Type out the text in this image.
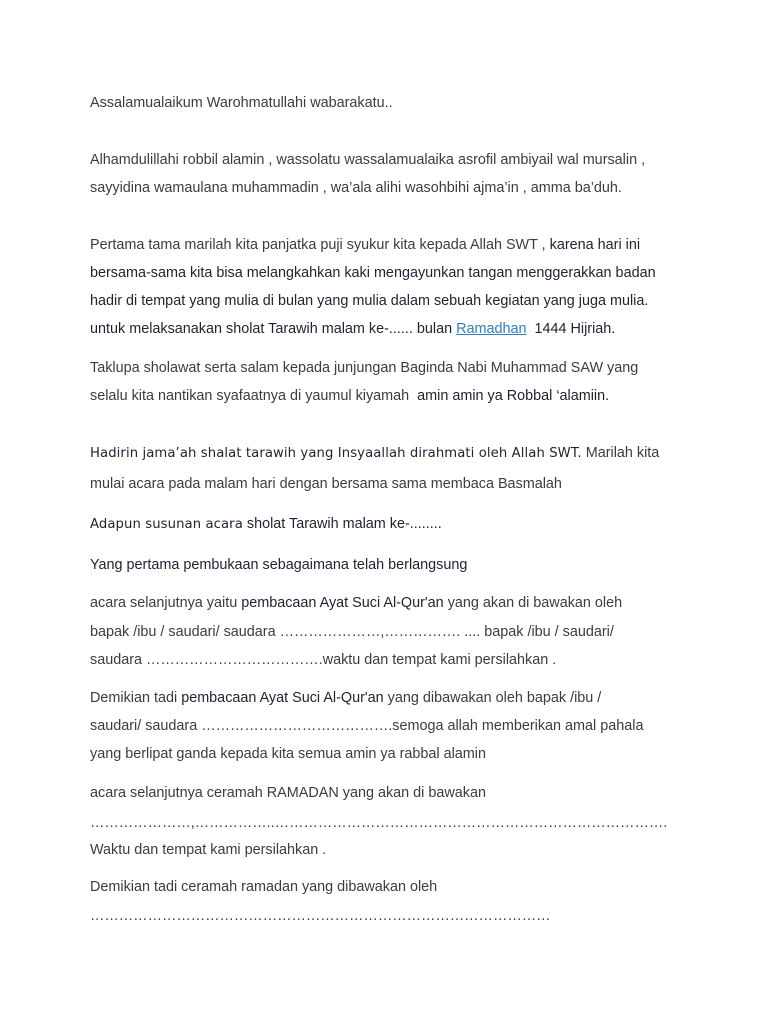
Assalamualaikum Warohmatullahi wabarakatu..
Alhamdulillahi robbil alamin , wassolatu wassalamualaika asrofil ambiyail wal mursalin ,
sayyidina wamaulana muhammadin , wa’ala alihi wasohbihi ajma’in , amma ba’duh.
Pertama tama marilah kita panjatka puji syukur kita kepada Allah SWT , karena hari ini
bersama-sama kita bisa melangkahkan kaki mengayunkan tangan menggerakkan badan
hadir di tempat yang mulia di bulan yang mulia dalam sebuah kegiatan yang juga mulia.
untuk melaksanakan sholat Tarawih malam ke-...... bulan Ramadhan 1444 Hijriah.
Taklupa sholawat serta salam kepada junjungan Baginda Nabi Muhammad SAW yang
selalu kita nantikan syafaatnya di yaumul kiyamah amin amin ya Robbal ‘alamiin.
Hadirin jama’ah shalat tarawih yang Insyaallah dirahmati oleh Allah SWT. Marilah kita
mulai acara pada malam hari dengan bersama sama membaca Basmalah
Adapun susunan acara sholat Tarawih malam ke-........
Yang pertama pembukaan sebagaimana telah berlangsung
acara selanjutnya yaitu pembacaan Ayat Suci Al-Qur'an yang akan di bawakan oleh
bapak /ibu / saudari/ saudara …………………,……………. .... bapak /ibu / saudari/
saudara ……………………………….waktu dan tempat kami persilahkan .
Demikian tadi pembacaan Ayat Suci Al-Qur'an yang dibawakan oleh bapak /ibu /
saudari/ saudara ………………………………….semoga allah memberikan amal pahala
yang berlipat ganda kepada kita semua amin ya rabbal alamin
acara selanjutnya ceramah RAMADAN yang akan di bawakan
…………………,……………..……………………………………………………………………….
Waktu dan tempat kami persilahkan .
Demikian tadi ceramah ramadan yang dibawakan oleh
……………………………………………………………………………………
